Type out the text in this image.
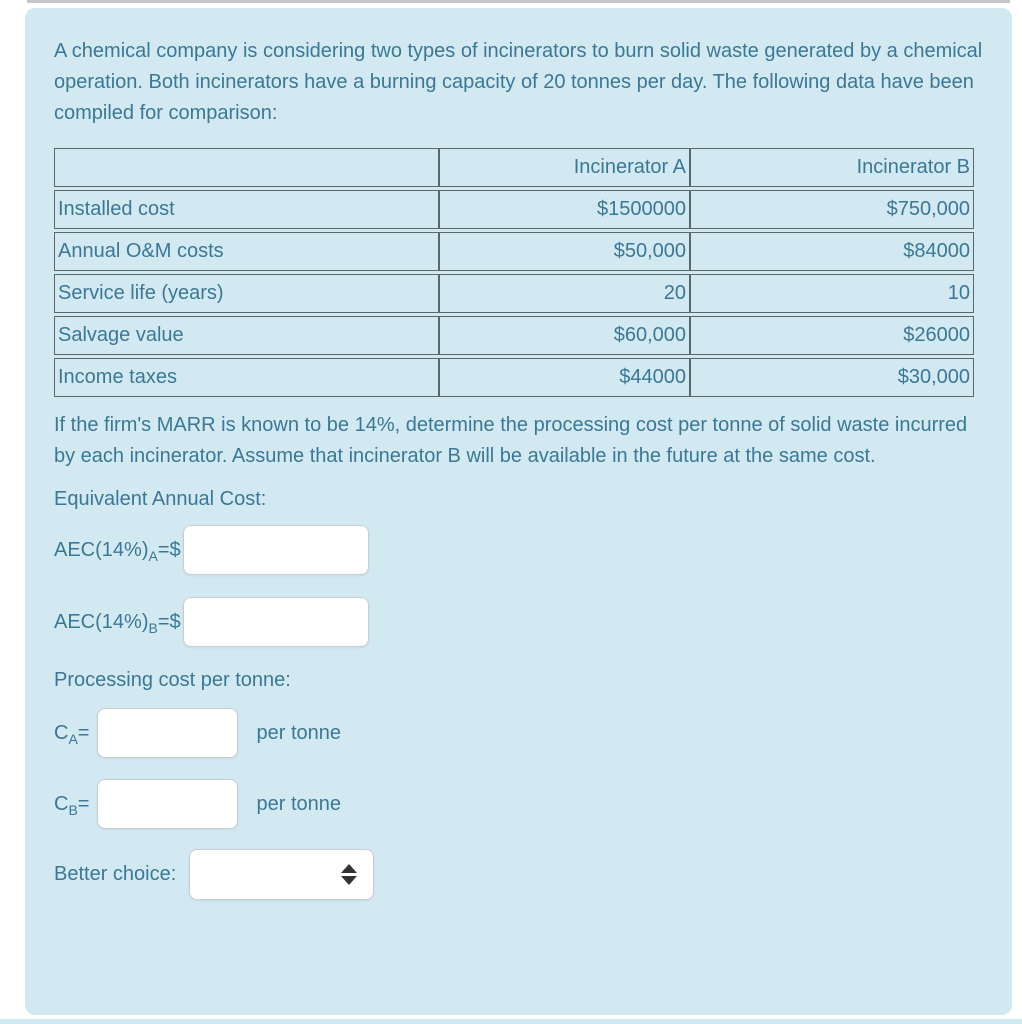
A chemical company is considering two types of incinerators to burn solid waste generated by a chemical operation. Both incinerators have a burning capacity of 20 tonnes per day. The following data have been compiled for comparison:

	Incinerator A	Incinerator B
Installed cost	$1500000	$750,000
Annual O&M costs	$50,000	$84000
Service life (years)	20	10
Salvage value	$60,000	$26000
Income taxes	$44000	$30,000

If the firm's MARR is known to be 14%, determine the processing cost per tonne of solid waste incurred by each incinerator. Assume that incinerator B will be available in the future at the same cost.

Equivalent Annual Cost:

$AEC(14\%)_A=\$$
$AEC(14\%)_B=\$$

Processing cost per tonne:

$C_A=$	per tonne
$C_B=$	per tonne
Better choice:
